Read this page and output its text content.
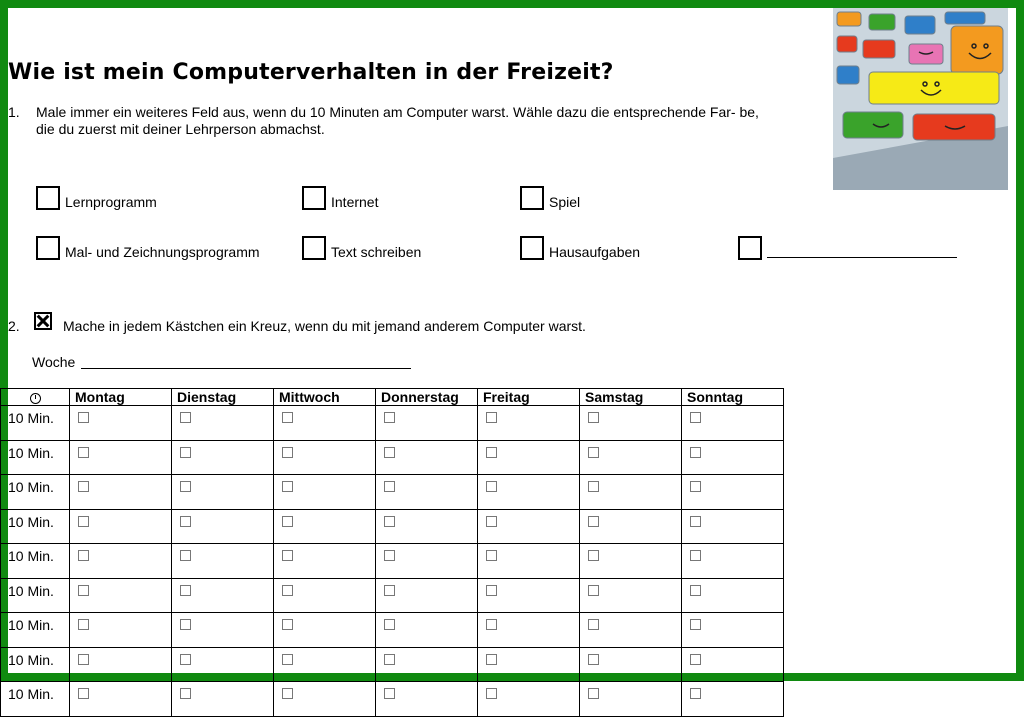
Wie ist mein Computerverhalten in der Freizeit?
1. Male immer ein weiteres Feld aus, wenn du 10 Minuten am Computer warst. Wähle dazu die entsprechende Far- be, die du zuerst mit deiner Lehrperson abmachst.
Lernprogramm	Internet	Spiel
Mal- und Zeichnungsprogramm	Text schreiben	Hausaufgaben
2.	Mache in jedem Kästchen ein Kreuz, wenn du mit jemand anderem Computer warst.
Woche
	Montag	Dienstag	Mittwoch	Donnerstag	Freitag	Samstag	Sonntag
10 Min.	

10 Min.	

10 Min.	

10 Min.	

10 Min.	

10 Min.	

10 Min.	

10 Min.	

10 Min.	
